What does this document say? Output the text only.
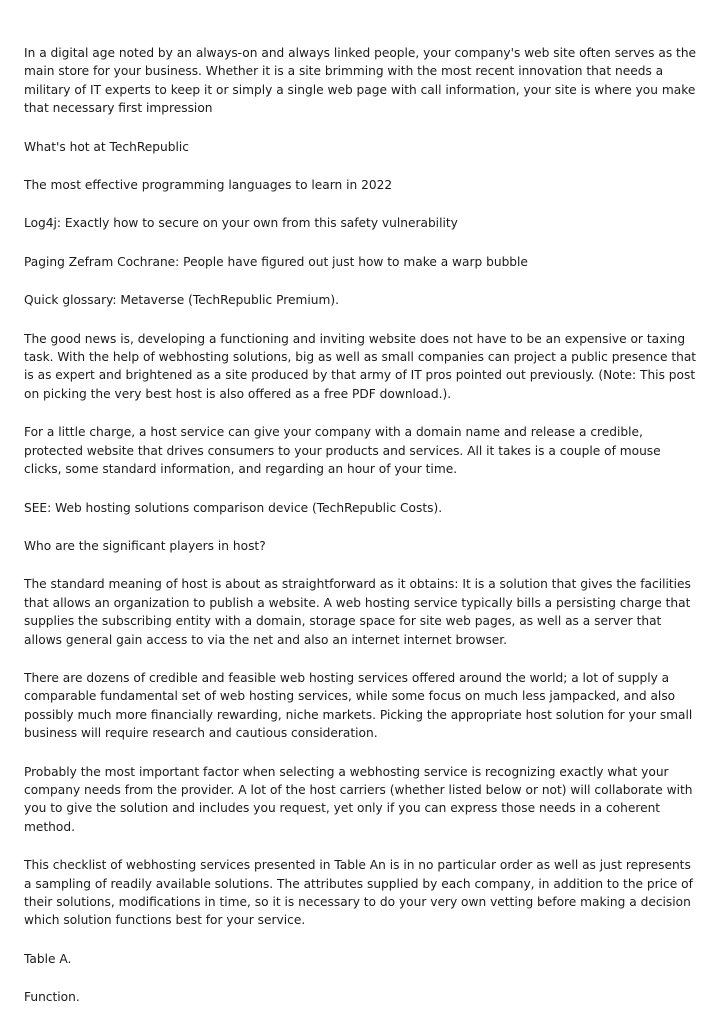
In a digital age noted by an always-on and always linked people, your company's web site often serves as the main store for your business. Whether it is a site brimming with the most recent innovation that needs a military of IT experts to keep it or simply a single web page with call information, your site is where you make that necessary first impression

What's hot at TechRepublic

The most effective programming languages to learn in 2022

Log4j: Exactly how to secure on your own from this safety vulnerability

Paging Zefram Cochrane: People have figured out just how to make a warp bubble

Quick glossary: Metaverse (TechRepublic Premium).

The good news is, developing a functioning and inviting website does not have to be an expensive or taxing task. With the help of webhosting solutions, big as well as small companies can project a public presence that is as expert and brightened as a site produced by that army of IT pros pointed out previously. (Note: This post on picking the very best host is also offered as a free PDF download.).

For a little charge, a host service can give your company with a domain name and release a credible, protected website that drives consumers to your products and services. All it takes is a couple of mouse clicks, some standard information, and regarding an hour of your time.

SEE: Web hosting solutions comparison device (TechRepublic Costs).

Who are the significant players in host?

The standard meaning of host is about as straightforward as it obtains: It is a solution that gives the facilities that allows an organization to publish a website. A web hosting service typically bills a persisting charge that supplies the subscribing entity with a domain, storage space for site web pages, as well as a server that allows general gain access to via the net and also an internet internet browser.

There are dozens of credible and feasible web hosting services offered around the world; a lot of supply a comparable fundamental set of web hosting services, while some focus on much less jampacked, and also possibly much more financially rewarding, niche markets. Picking the appropriate host solution for your small business will require research and cautious consideration.

Probably the most important factor when selecting a webhosting service is recognizing exactly what your company needs from the provider. A lot of the host carriers (whether listed below or not) will collaborate with you to give the solution and includes you request, yet only if you can express those needs in a coherent method.

This checklist of webhosting services presented in Table An is in no particular order as well as just represents a sampling of readily available solutions. The attributes supplied by each company, in addition to the price of their solutions, modifications in time, so it is necessary to do your very own vetting before making a decision which solution functions best for your service.

Table A.

Function.
